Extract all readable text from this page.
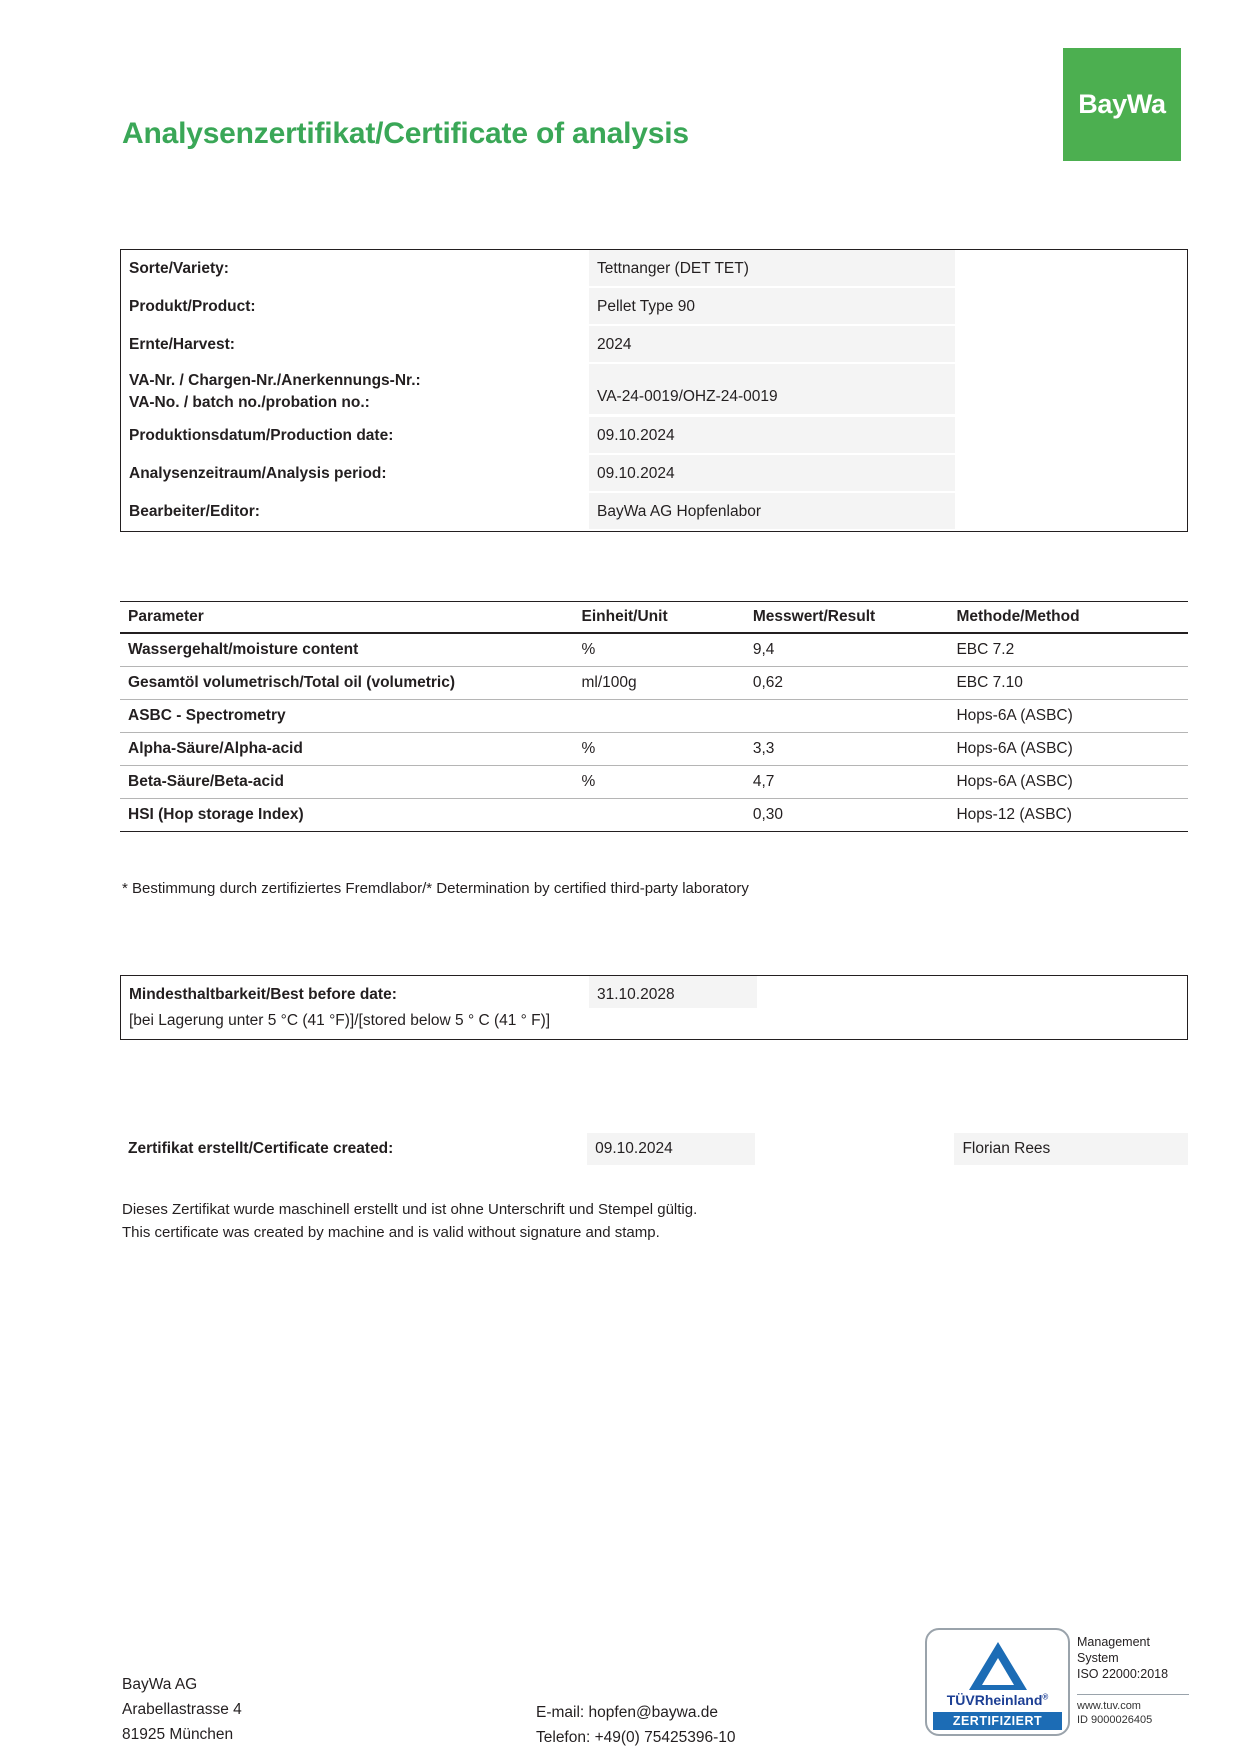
BayWa
Analysenzertifikat/Certificate of analysis
Sorte/Variety:	Tettnanger (DET TET)
Produkt/Product:	Pellet Type 90
Ernte/Harvest:	2024
VA-Nr. / Chargen-Nr./Anerkennungs-Nr.:
VA-No. / batch no./probation no.:	VA-24-0019/OHZ-24-0019
Produktionsdatum/Production date:	09.10.2024
Analysenzeitraum/Analysis period:	09.10.2024
Bearbeiter/Editor:	BayWa AG Hopfenlabor
Parameter	Einheit/Unit	Messwert/Result	Methode/Method
Wassergehalt/moisture content	%	9,4	EBC 7.2
Gesamtöl volumetrisch/Total oil (volumetric)	ml/100g	0,62	EBC 7.10
ASBC - Spectrometry			Hops-6A (ASBC)
Alpha-Säure/Alpha-acid	%	3,3	Hops-6A (ASBC)
Beta-Säure/Beta-acid	%	4,7	Hops-6A (ASBC)
HSI (Hop storage Index)		0,30	Hops-12 (ASBC)
* Bestimmung durch zertifiziertes Fremdlabor/* Determination by certified third-party laboratory
Mindesthaltbarkeit/Best before date:	31.10.2028
[bei Lagerung unter 5 °C (41 °F)]/[stored below 5 ° C (41 ° F)]
Zertifikat erstellt/Certificate created:	09.10.2024	Florian Rees
Dieses Zertifikat wurde maschinell erstellt und ist ohne Unterschrift und Stempel gültig.
This certificate was created by machine and is valid without signature and stamp.
BayWa AG
Arabellastrasse 4
81925 München
E-mail: hopfen@baywa.de
Telefon: +49(0) 75425396-10
TÜVRheinland®
ZERTIFIZIERT
Management
System
ISO 22000:2018
www.tuv.com
ID 9000026405
